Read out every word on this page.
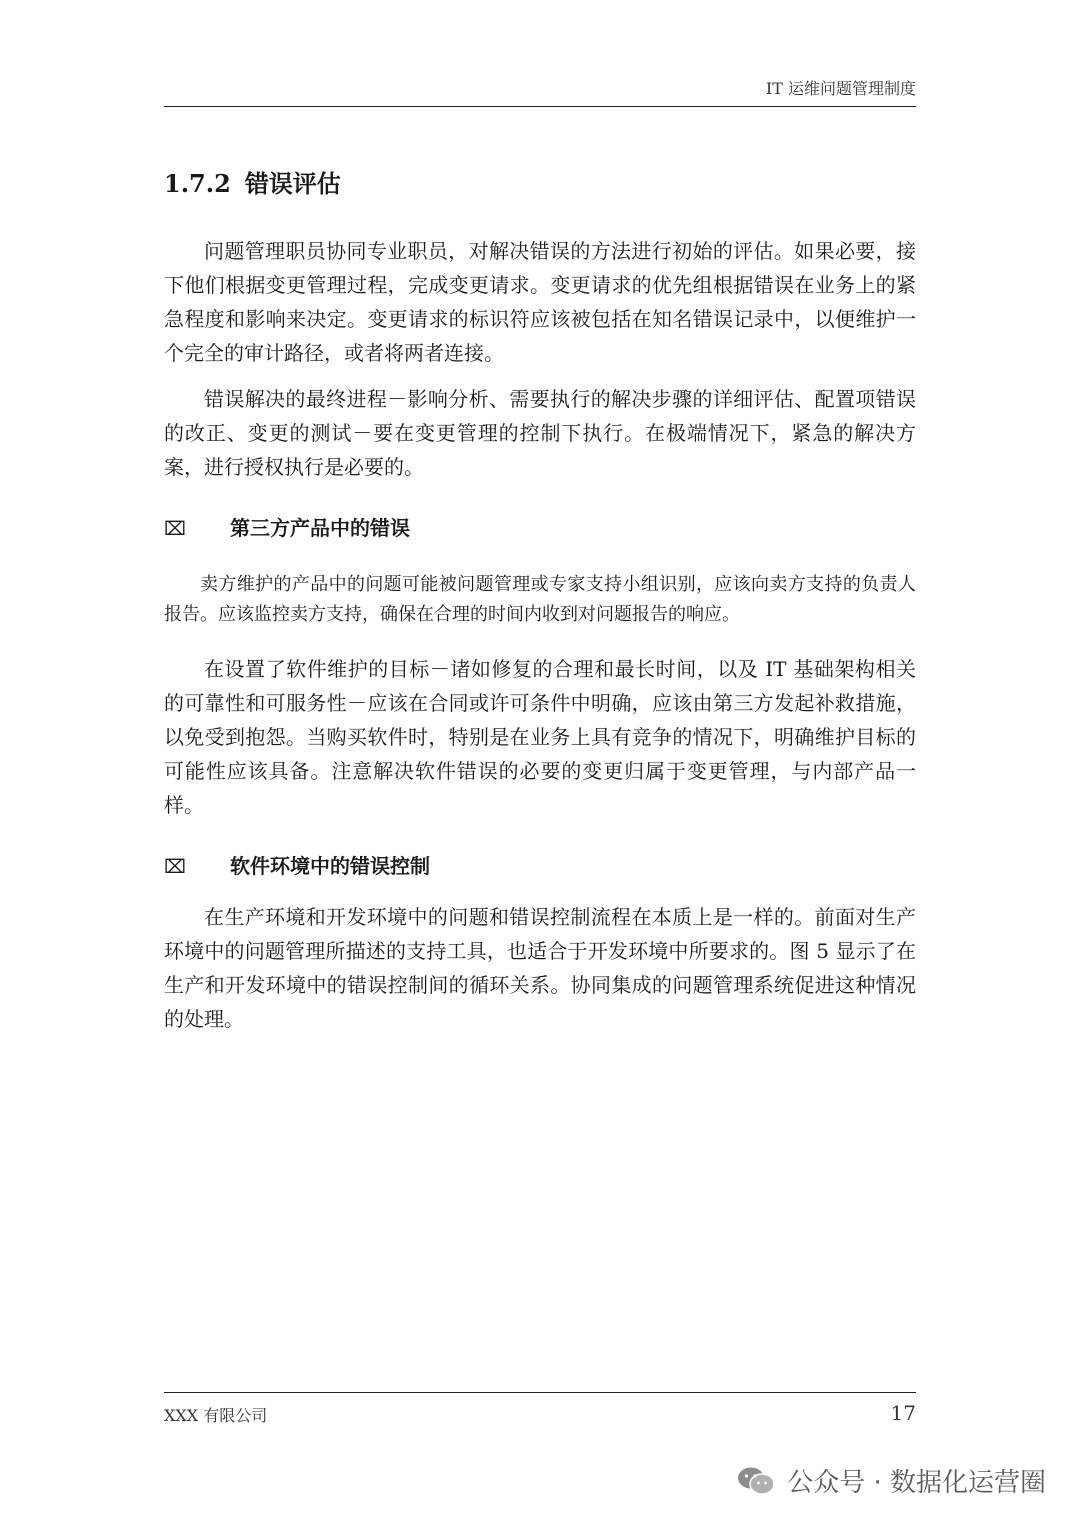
IT 运维问题管理制度
1.7.2 错误评估

问题管理职员协同专业职员，对解决错误的方法进行初始的评估。如果必要，接下他们根据变更管理过程，完成变更请求。变更请求的优先组根据错误在业务上的紧急程度和影响来决定。变更请求的标识符应该被包括在知名错误记录中，以便维护一个完全的审计路径，或者将两者连接。

错误解决的最终进程－影响分析、需要执行的解决步骤的详细评估、配置项错误的改正、变更的测试－要在变更管理的控制下执行。在极端情况下，紧急的解决方案，进行授权执行是必要的。

⌧ 第三方产品中的错误

卖方维护的产品中的问题可能被问题管理或专家支持小组识别，应该向卖方支持的负责人报告。应该监控卖方支持，确保在合理的时间内收到对问题报告的响应。

在设置了软件维护的目标－诸如修复的合理和最长时间，以及 IT 基础架构相关的可靠性和可服务性－应该在合同或许可条件中明确，应该由第三方发起补救措施，以免受到抱怨。当购买软件时，特别是在业务上具有竞争的情况下，明确维护目标的可能性应该具备。注意解决软件错误的必要的变更归属于变更管理，与内部产品一样。

⌧ 软件环境中的错误控制

在生产环境和开发环境中的问题和错误控制流程在本质上是一样的。前面对生产环境中的问题管理所描述的支持工具，也适合于开发环境中所要求的。图 5 显示了在生产和开发环境中的错误控制间的循环关系。协同集成的问题管理系统促进这种情况的处理。

XXX 有限公司	17
公众号 · 数据化运营圈
